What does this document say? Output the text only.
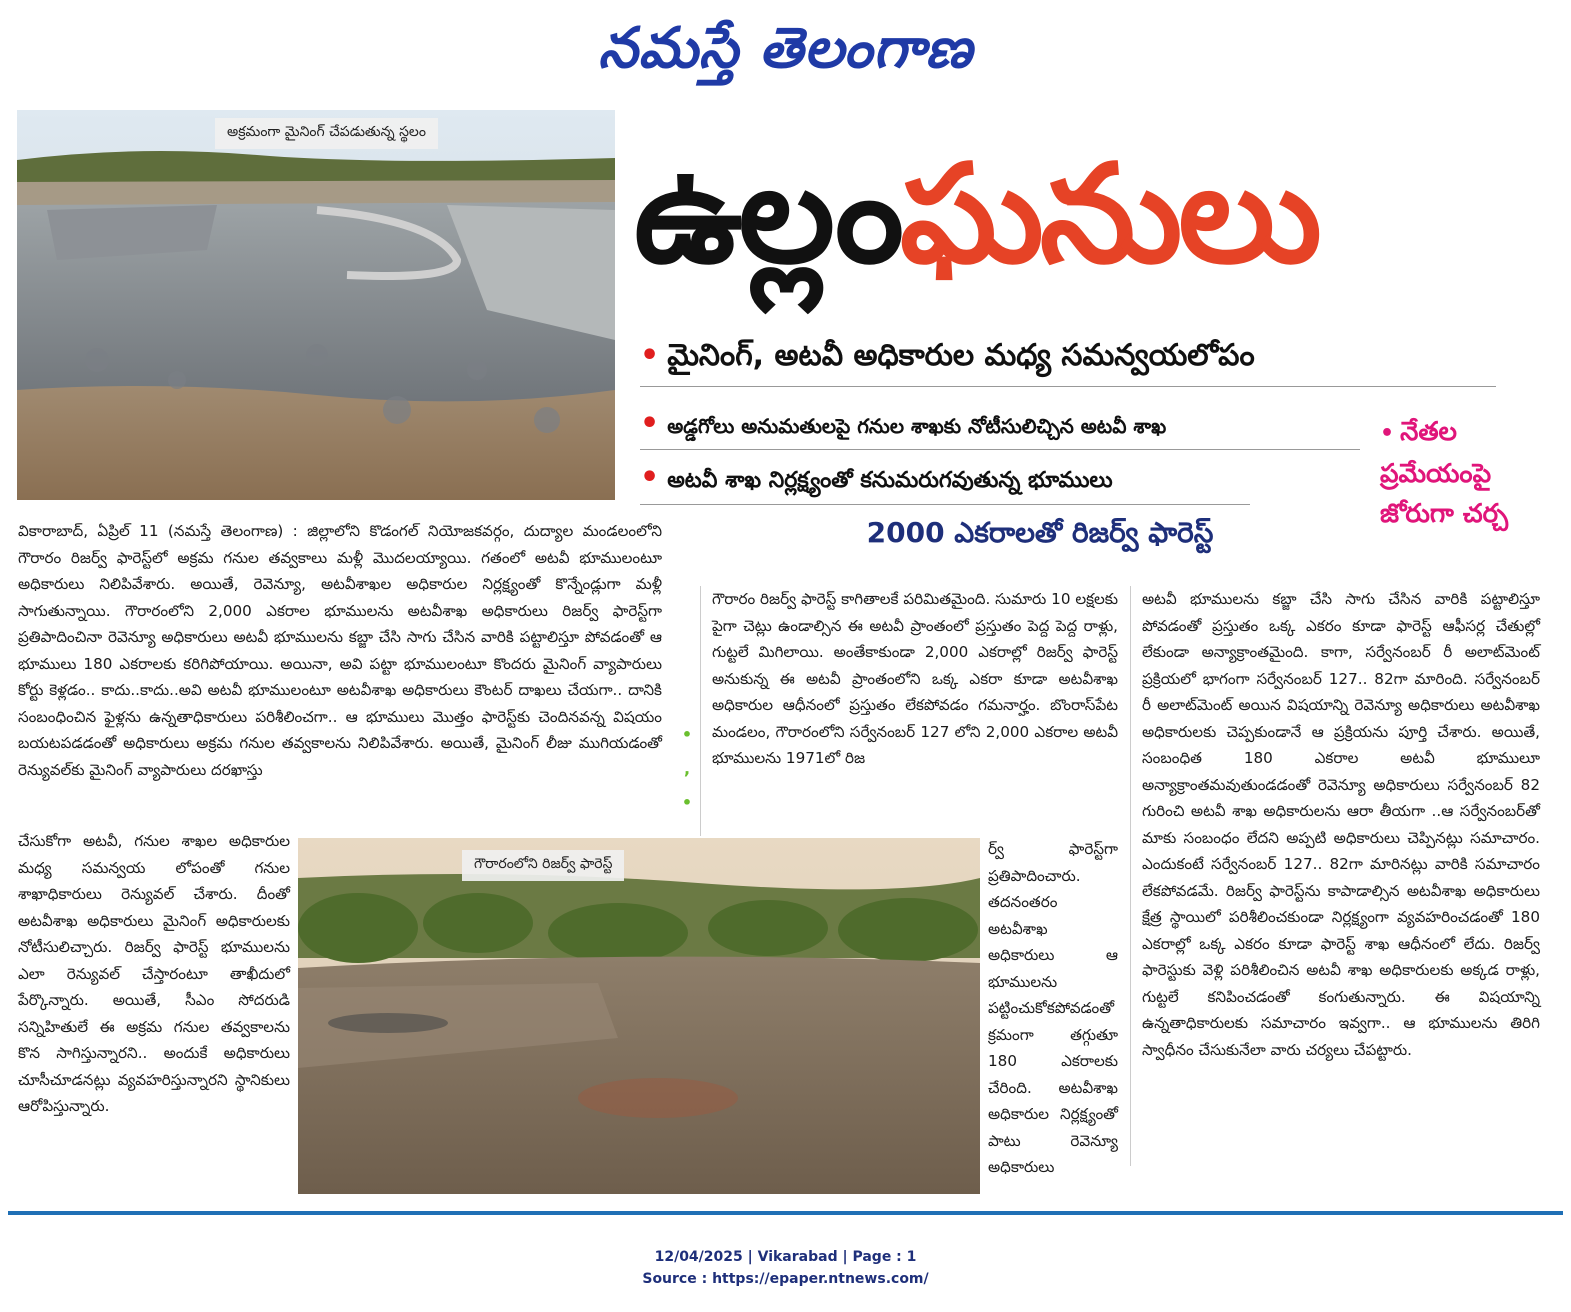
నమస్తే తెలంగాణ
అక్రమంగా మైనింగ్ చేపడుతున్న స్థలం
ఉల్లంఘనులు
• మైనింగ్, అటవీ అధికారుల మధ్య సమన్వయలోపం
• అడ్డగోలు అనుమతులపై గనుల శాఖకు నోటీసులిచ్చిన అటవీ శాఖ
• అటవీ శాఖ నిర్లక్ష్యంతో కనుమరుగవుతున్న భూములు
• నేతల ప్రమేయంపై జోరుగా చర్చ
2000 ఎకరాలతో రిజర్వ్ ఫారెస్ట్
వికారాబాద్, ఏప్రిల్ 11 (నమస్తే తెలంగాణ) : జిల్లాలోని కొడంగల్ నియోజకవర్గం, దుద్యాల మండలంలోని గౌరారం రిజర్వ్ ఫారెస్ట్‌లో అక్రమ గనుల తవ్వకాలు మళ్లీ మొదలయ్యాయి. గతంలో అటవీ భూములంటూ అధికారులు నిలిపివేశారు. అయితే, రెవెన్యూ, అటవీశాఖల అధికారుల నిర్లక్ష్యంతో కొన్నేండ్లుగా మళ్లీ సాగుతున్నాయి. గౌరారంలోని 2,000 ఎకరాల భూములను అటవీశాఖ అధికారులు రిజర్వ్ ఫారెస్ట్‌గా ప్రతిపాదించినా రెవెన్యూ అధికారులు అటవీ భూములను కబ్జా చేసి సాగు చేసిన వారికి పట్టాలిస్తూ పోవడంతో ఆ భూములు 180 ఎకరాలకు కరిగిపోయాయి. అయినా, అవి పట్టా భూములంటూ కొందరు మైనింగ్ వ్యాపారులు కోర్టు కెళ్లడం.. కాదు..కాదు..అవి అటవీ భూములంటూ అటవీశాఖ అధికారులు కౌంటర్ దాఖలు చేయగా.. దానికి సంబంధించిన ఫైళ్లను ఉన్నతాధికారులు పరిశీలించగా.. ఆ భూములు మొత్తం ఫారెస్ట్‌కు చెందినవన్న విషయం బయటపడడంతో అధికారులు అక్రమ గనుల తవ్వకాలను నిలిపివేశారు. అయితే, మైనింగ్ లీజు ముగియడంతో రెన్యువల్‌కు మైనింగ్ వ్యాపారులు దరఖాస్తు
చేసుకోగా అటవీ, గనుల శాఖల అధికారుల మధ్య సమన్వయ లోపంతో గనుల శాఖాధికారులు రెన్యువల్ చేశారు. దీంతో అటవీశాఖ అధికారులు మైనింగ్ అధికారులకు నోటీసులిచ్చారు. రిజర్వ్ ఫారెస్ట్ భూములను ఎలా రెన్యువల్ చేస్తారంటూ తాఖీదులో పేర్కొన్నారు. అయితే, సీఎం సోదరుడి సన్నిహితులే ఈ అక్రమ గనుల తవ్వకాలను కొన సాగిస్తున్నారని.. అందుకే అధికారులు చూసీచూడనట్లు వ్యవహరిస్తున్నారని స్థానికులు ఆరోపిస్తున్నారు.
•
,
•
గౌరారం రిజర్వ్ ఫారెస్ట్ కాగితాలకే పరిమితమైంది. సుమారు 10 లక్షలకు పైగా చెట్లు ఉండాల్సిన ఈ అటవీ ప్రాంతంలో ప్రస్తుతం పెద్ద పెద్ద రాళ్లు, గుట్టలే మిగిలాయి. అంతేకాకుండా 2,000 ఎకరాల్లో రిజర్వ్ ఫారెస్ట్ అనుకున్న ఈ అటవీ ప్రాంతంలోని ఒక్క ఎకరా కూడా అటవీశాఖ అధికారుల ఆధీనంలో ప్రస్తుతం లేకపోవడం గమనార్హం. బొంరాస్‌పేట మండలం, గౌరారంలోని సర్వేనంబర్ 127 లోని 2,000 ఎకరాల అటవీ భూములను 1971లో రిజ
ర్వ్ ఫారెస్ట్‌గా ప్రతిపాదించారు. తదనంతరం అటవీశాఖ అధికారులు ఆ భూములను పట్టించుకోకపోవడంతో క్రమంగా తగ్గుతూ 180 ఎకరాలకు చేరింది. అటవీశాఖ అధికారుల నిర్లక్ష్యంతో పాటు రెవెన్యూ అధికారులు
అటవీ భూములను కబ్జా చేసి సాగు చేసిన వారికి పట్టాలిస్తూ పోవడంతో ప్రస్తుతం ఒక్క ఎకరం కూడా ఫారెస్ట్ ఆఫీసర్ల చేతుల్లో లేకుండా అన్యాక్రాంతమైంది. కాగా, సర్వేనంబర్ రీ అలాట్‌మెంట్ ప్రక్రియలో భాగంగా సర్వేనంబర్ 127.. 82గా మారింది. సర్వేనంబర్ రీ అలాట్‌మెంట్ అయిన విషయాన్ని రెవెన్యూ అధికారులు అటవీశాఖ అధికారులకు చెప్పకుండానే ఆ ప్రక్రియను పూర్తి చేశారు. అయితే, సంబంధిత 180 ఎకరాల అటవీ భూములూ అన్యాక్రాంతమవుతుండడంతో రెవెన్యూ అధికారులు సర్వేనంబర్ 82 గురించి అటవీ శాఖ అధికారులను ఆరా తీయగా ..ఆ సర్వేనంబర్‌తో మాకు సంబంధం లేదని అప్పటి అధికారులు చెప్పినట్లు సమాచారం. ఎందుకంటే సర్వేనంబర్ 127.. 82గా మారినట్లు వారికి సమాచారం లేకపోవడమే. రిజర్వ్ ఫారెస్ట్‌ను కాపాడాల్సిన అటవీశాఖ అధికారులు క్షేత్ర స్థాయిలో పరిశీలించకుండా నిర్లక్ష్యంగా వ్యవహరించడంతో 180 ఎకరాల్లో ఒక్క ఎకరం కూడా ఫారెస్ట్ శాఖ ఆధీనంలో లేదు. రిజర్వ్ ఫారెస్టుకు వెళ్లి పరిశీలించిన అటవీ శాఖ అధికారులకు అక్కడ రాళ్లు, గుట్టలే కనిపించడంతో కంగుతున్నారు. ఈ విషయాన్ని ఉన్నతాధికారులకు సమాచారం ఇవ్వగా.. ఆ భూములను తిరిగి స్వాధీనం చేసుకునేలా వారు చర్యలు చేపట్టారు.
గౌరారంలోని రిజర్వ్ ఫారెస్ట్
12/04/2025 | Vikarabad | Page : 1
Source : https://epaper.ntnews.com/
